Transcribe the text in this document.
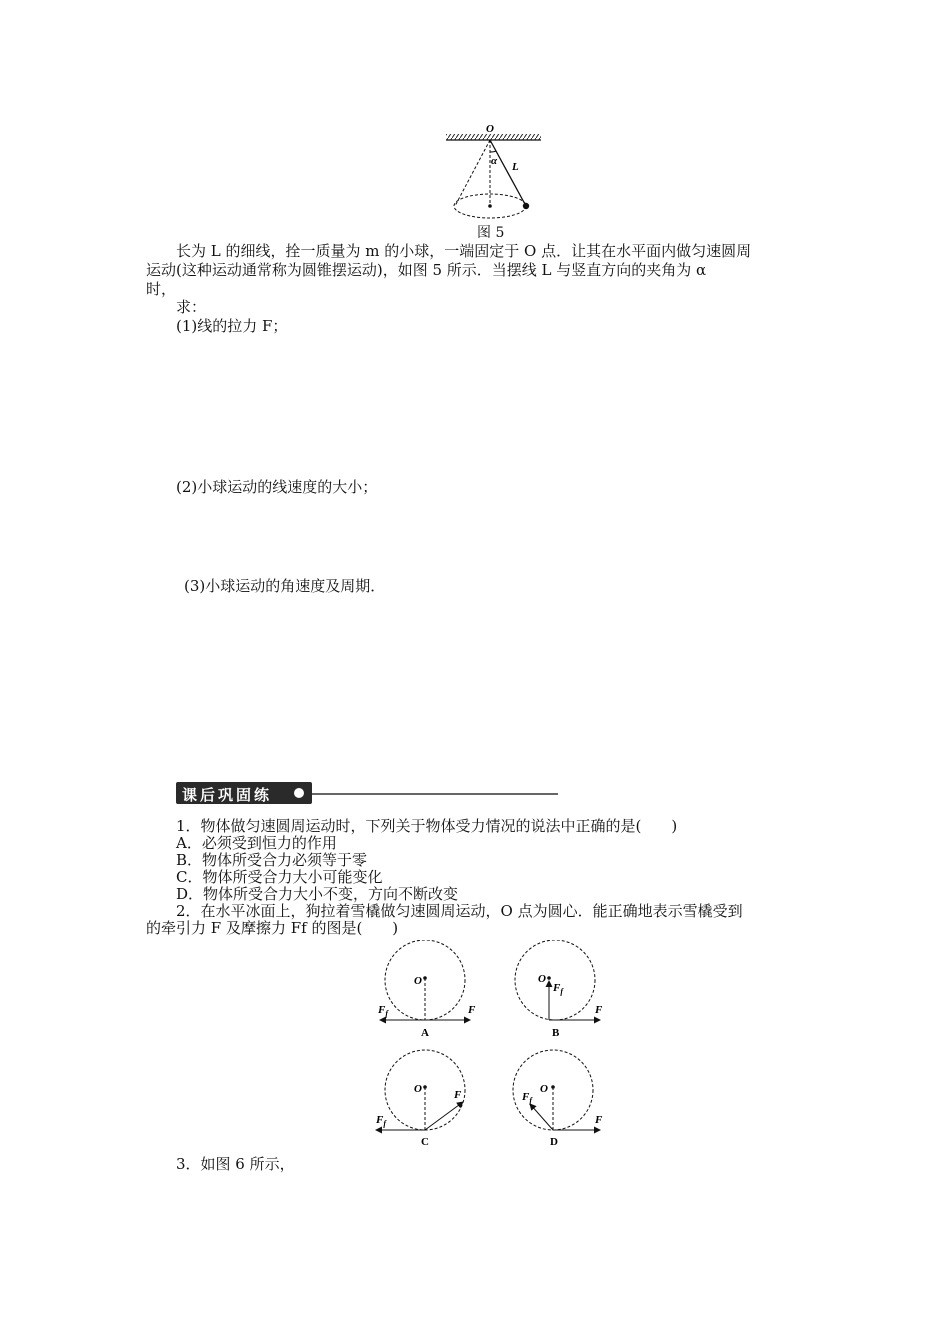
O
α L
图 5
长为 L 的细线，拴一质量为 m 的小球，一端固定于 O 点．让其在水平面内做匀速圆周
运动(这种运动通常称为圆锥摆运动)，如图 5 所示．当摆线 L 与竖直方向的夹角为 α
时，
求：
(1)线的拉力 F；
(2)小球运动的线速度的大小；
(3)小球运动的角速度及周期．
课后巩固练
1．物体做匀速圆周运动时，下列关于物体受力情况的说法中正确的是(　　)
A．必须受到恒力的作用
B．物体所受合力必须等于零
C．物体所受合力大小可能变化
D．物体所受合力大小不变，方向不断改变
2．在水平冰面上，狗拉着雪橇做匀速圆周运动，O 点为圆心．能正确地表示雪橇受到
的牵引力 F 及摩擦力 Ff 的图是(　　)
O
F
$F_f$
A
O
$F_f$
F
B
O	F
$F_f$
C
O
$F_f$
F
D
3．如图 6 所示，
